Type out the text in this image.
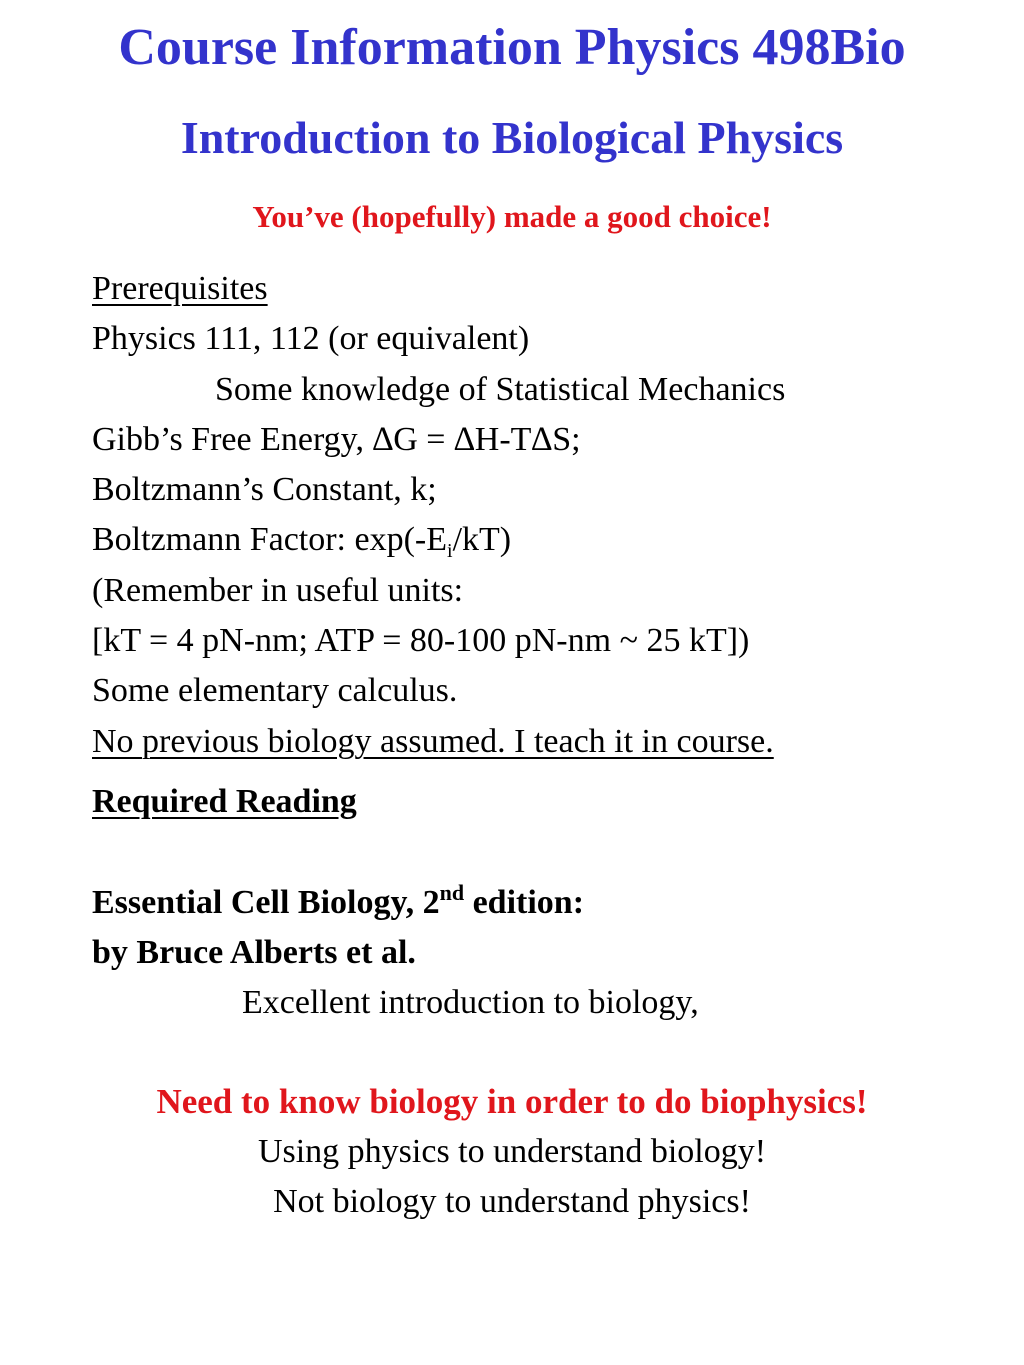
Course Information Physics 498Bio
Introduction to Biological Physics
You’ve (hopefully) made a good choice!
Prerequisites
Physics 111, 112 (or equivalent)
Some knowledge of Statistical Mechanics
Gibb’s Free Energy, ∆G = ∆H-T∆S;
Boltzmann’s Constant, k;
Boltzmann Factor: $\exp(-E_i/kT)$
(Remember in useful units:
[kT = 4 pN-nm; ATP = 80-100 pN-nm ~ 25 kT])
Some elementary calculus.
No previous biology assumed. I teach it in course.
Required Reading
Essential Cell Biology, 2nd edition:
by Bruce Alberts et al.
Excellent introduction to biology,
Need to know biology in order to do biophysics!
Using physics to understand biology!
Not biology to understand physics!
